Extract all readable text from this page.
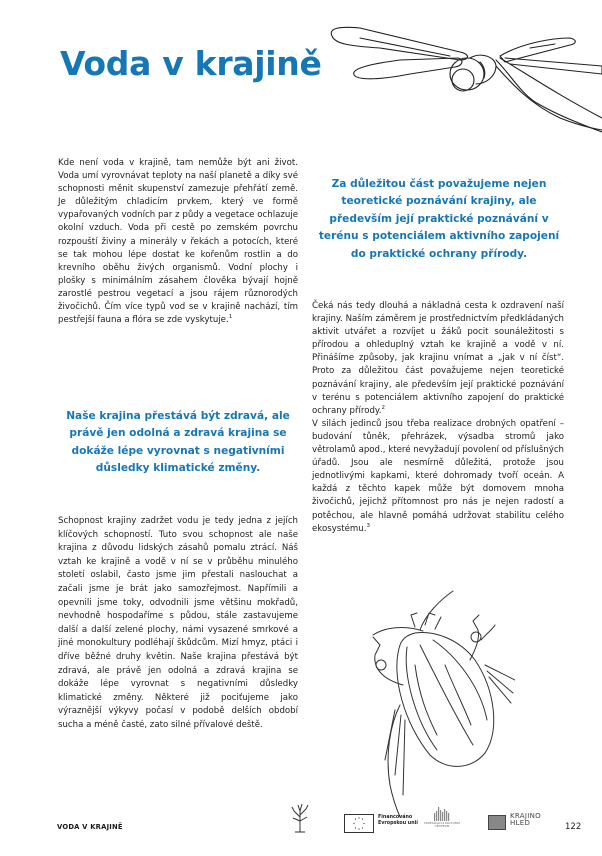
Voda v krajině

Kde není voda v krajině, tam nemůže být ani život. Voda umí vyrovnávat teploty na naší planetě a díky své schopnosti měnit skupenství zamezuje přehřátí země. Je důležitým chladicím prvkem, který ve formě vypařovaných vodních par z půdy a vegetace ochlazuje okolní vzduch. Voda při cestě po zemském povrchu rozpouští živiny a minerály v řekách a potocích, které se tak mohou lépe dostat ke kořenům rostlin a do krevního oběhu živých organismů. Vodní plochy i plošky s minimálním zásahem člověka bývají hojně zarostlé pestrou vegetací a jsou rájem různorodých živočichů. Čím více typů vod se v krajině nachází, tím pestřejší fauna a flóra se zde vyskytuje.$^1$

Naše krajina přestává být zdravá, ale právě jen odolná a zdravá krajina se dokáže lépe vyrovnat s negativními důsledky klimatické změny.
Schopnost krajiny zadržet vodu je tedy jedna z jejích klíčových schopností. Tuto svou schopnost ale naše krajina z důvodu lidských zásahů pomalu ztrácí. Náš vztah ke krajině a vodě v ní se v průběhu minulého století oslabil, často jsme jim přestali naslouchat a začali jsme je brát jako samozřejmost. Napřímili a opevnili jsme toky, odvodnili jsme většinu mokřadů, nevhodně hospodaříme s půdou, stále zastavujeme další a další zelené plochy, námi vysazené smrkové a jiné monokultury podléhají škůdcům. Mizí hmyz, ptáci i dříve běžné druhy květin. Naše krajina přestává být zdravá, ale právě jen odolná a zdravá krajina se dokáže lépe vyrovnat s negativními důsledky klimatické změny. Některé již pociťujeme jako výraznější výkyvy počasí v podobě delších období sucha a méně časté, zato silné přívalové deště.
Za důležitou část považujeme nejen teoretické poznávání krajiny, ale především její praktické poznávání v terénu s potenciálem aktivního zapojení do praktické ochrany přírody.

Čeká nás tedy dlouhá a nákladná cesta k ozdravení naší krajiny. Naším záměrem je prostřednictvím předkládaných aktivit utvářet a rozvíjet u žáků pocit sounáležitosti s přírodou a ohleduplný vztah ke krajině a vodě v ní. Přinášíme způsoby, jak krajinu vnímat a „jak v ní číst“. Proto za důležitou část považujeme nejen teoretické poznávání krajiny, ale především její praktické poznávání v terénu s potenciálem aktivního zapojení do praktické ochrany přírody.$^2$

V silách jedinců jsou třeba realizace drobných opatření – budování tůněk, přehrázek, výsadba stromů jako větrolamů apod., které nevyžadují povolení od příslušných úřadů. Jsou ale nesmírně důležitá, protože jsou jednotlivými kapkami, které dohromady tvoří oceán. A každá z těchto kapek může být domovem mnoha živočichů, jejichž přítomnost pro nás je nejen radostí a potěchou, ale hlavně pomáhá udržovat stabilitu celého ekosystému.$^3$

VODA V KRAJINĚ
Financováno
Evropskou unií	VZDĚLÁVACÍ A KULTURNÍ CENTRUM
KRAJINO
HLED	122
